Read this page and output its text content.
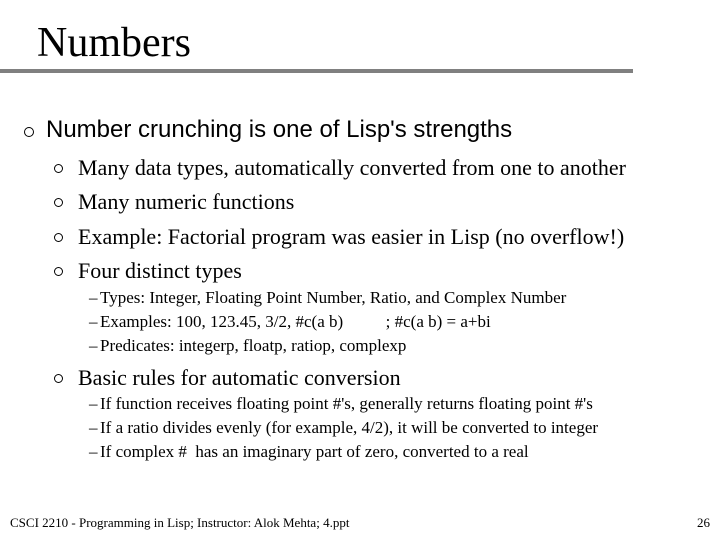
Numbers
Number crunching is one of Lisp's strengths
Many data types, automatically converted from one to another
Many numeric functions
Example: Factorial program was easier in Lisp (no overflow!)
Four distinct types
– Types: Integer, Floating Point Number, Ratio, and Complex Number
– Examples: 100, 123.45, 3/2, #c(a b)          ; #c(a b) = a+bi
– Predicates: integerp, floatp, ratiop, complexp
Basic rules for automatic conversion
– If function receives floating point #'s, generally returns floating point #'s
– If a ratio divides evenly (for example, 4/2), it will be converted to integer
– If complex #  has an imaginary part of zero, converted to a real
CSCI 2210 - Programming in Lisp; Instructor: Alok Mehta; 4.ppt	26
